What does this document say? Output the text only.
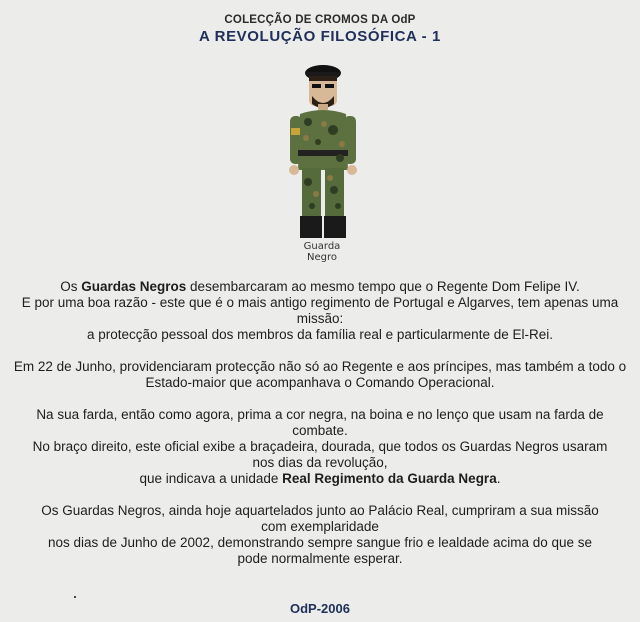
COLECÇÃO DE CROMOS DA OdP
A REVOLUÇÃO FILOSÓFICA - 1
Guarda
Negro

Os Guardas Negros desembarcaram ao mesmo tempo que o Regente Dom Felipe IV.

E por uma boa razão - este que é o mais antigo regimento de Portugal e Algarves, tem apenas uma missão:

a protecção pessoal dos membros da família real e particularmente de El-Rei.

Em 22 de Junho, providenciaram protecção não só ao Regente e aos príncipes, mas também a todo o Estado-maior que acompanhava o Comando Operacional.

Na sua farda, então como agora, prima a cor negra, na boina e no lenço que usam na farda de combate.

No braço direito, este oficial exibe a braçadeira, dourada, que todos os Guardas Negros usaram nos dias da revolução,

que indicava a unidade Real Regimento da Guarda Negra.

Os Guardas Negros, ainda hoje aquartelados junto ao Palácio Real, cumpriram a sua missão com exemplaridade

nos dias de Junho de 2002, demonstrando sempre sangue frio e lealdade acima do que se pode normalmente esperar.

OdP-2006
